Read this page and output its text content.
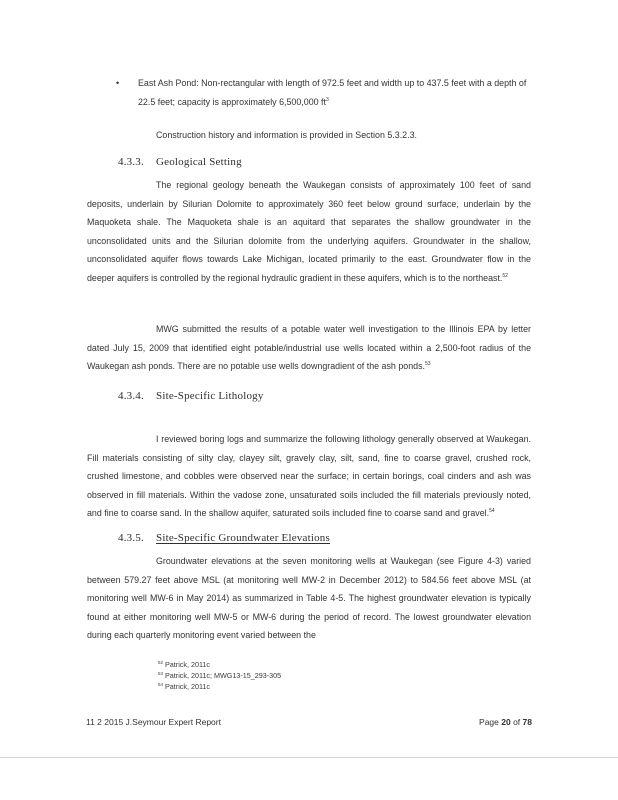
• East Ash Pond: Non-rectangular with length of 972.5 feet and width up to 437.5 feet with a depth of 22.5 feet; capacity is approximately 6,500,000 $ft^3$
Construction history and information is provided in Section 5.3.2.3.
4.3.3. Geological Setting
The regional geology beneath the Waukegan consists of approximately 100 feet of sand deposits, underlain by Silurian Dolomite to approximately 360 feet below ground surface, underlain by the Maquoketa shale. The Maquoketa shale is an aquitard that separates the shallow groundwater in the unconsolidated units and the Silurian dolomite from the underlying aquifers. Groundwater in the shallow, unconsolidated aquifer flows towards Lake Michigan, located primarily to the east. Groundwater flow in the deeper aquifers is controlled by the regional hydraulic gradient in these aquifers, which is to the northeast.$^{52}$
MWG submitted the results of a potable water well investigation to the Illinois EPA by letter dated July 15, 2009 that identified eight potable/industrial use wells located within a 2,500-foot radius of the Waukegan ash ponds. There are no potable use wells downgradient of the ash ponds.$^{53}$
4.3.4. Site-Specific Lithology
I reviewed boring logs and summarize the following lithology generally observed at Waukegan. Fill materials consisting of silty clay, clayey silt, gravely clay, silt, sand, fine to coarse gravel, crushed rock, crushed limestone, and cobbles were observed near the surface; in certain borings, coal cinders and ash was observed in fill materials. Within the vadose zone, unsaturated soils included the fill materials previously noted, and fine to coarse sand. In the shallow aquifer, saturated soils included fine to coarse sand and gravel.$^{54}$
4.3.5. Site-Specific Groundwater Elevations
Groundwater elevations at the seven monitoring wells at Waukegan (see Figure 4-3) varied between 579.27 feet above MSL (at monitoring well MW-2 in December 2012) to 584.56 feet above MSL (at monitoring well MW-6 in May 2014) as summarized in Table 4-5. The highest groundwater elevation is typically found at either monitoring well MW-5 or MW-6 during the period of record. The lowest groundwater elevation during each quarterly monitoring event varied between the
$^{52}$ Patrick, 2011c
$^{53}$ Patrick, 2011c; MWG13-15_293-305
$^{54}$ Patrick, 2011c
11 2 2015 J.Seymour Expert Report	Page 20 of 78
